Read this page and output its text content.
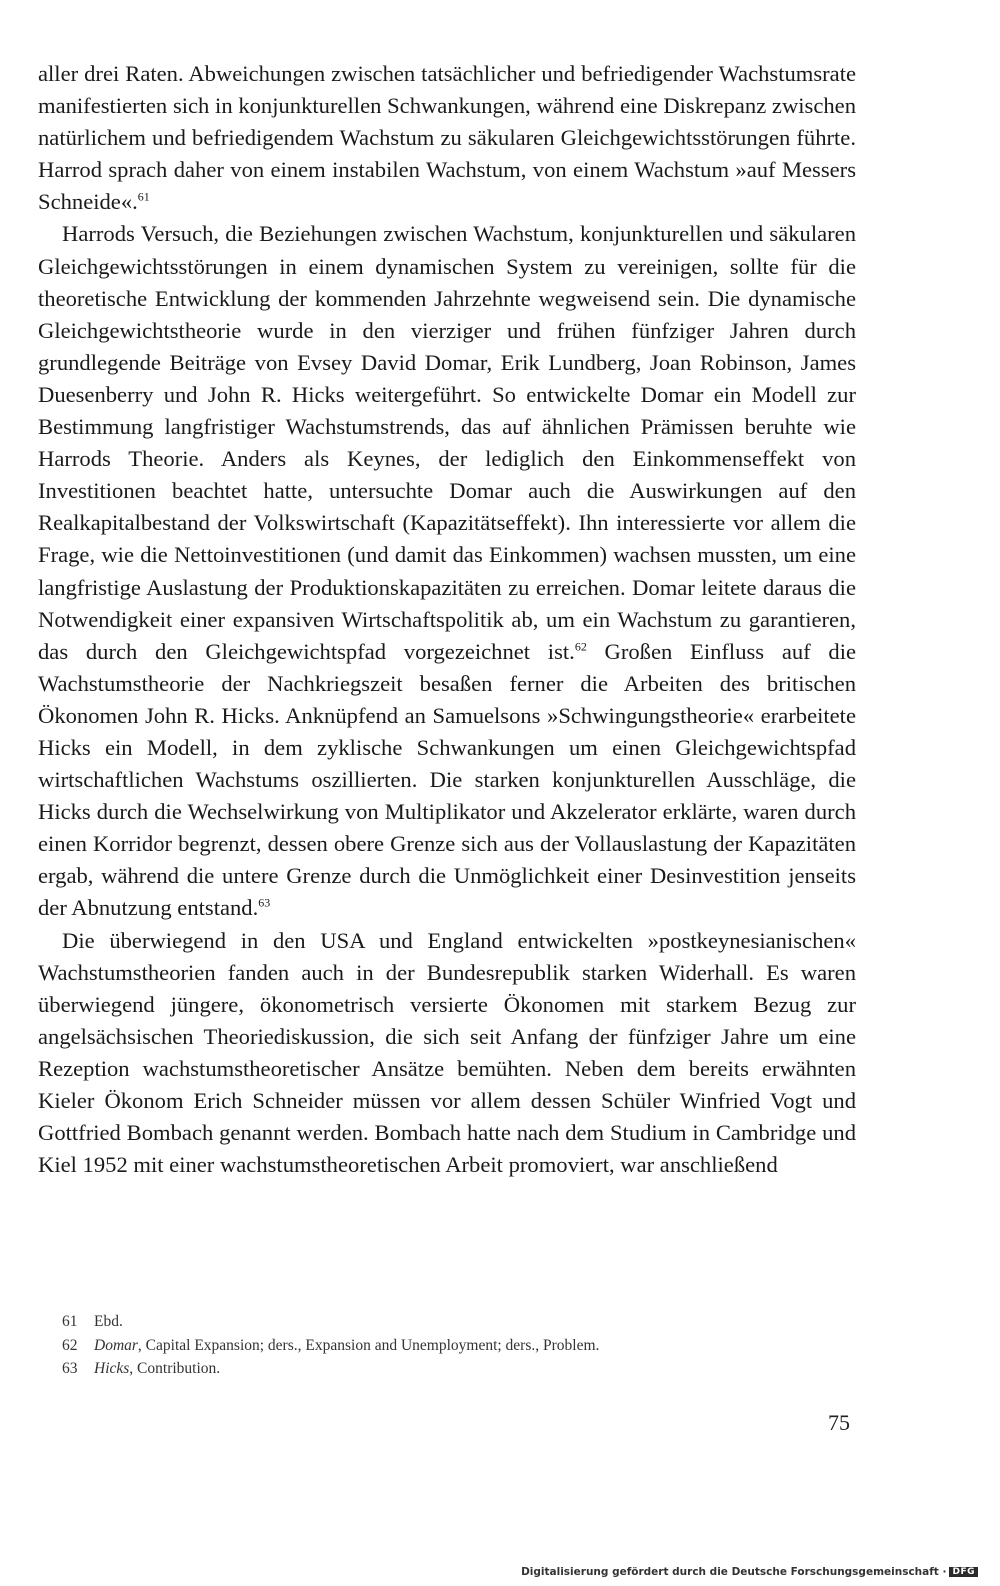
aller drei Raten. Abweichungen zwischen tatsächlicher und befriedigender Wachstumsrate manifestierten sich in konjunkturellen Schwankungen, während eine Diskrepanz zwischen natürlichem und befriedigendem Wachstum zu säkularen Gleichgewichtsstörungen führte. Harrod sprach daher von einem instabilen Wachstum, von einem Wachstum »auf Messers Schneide«.$^{61}$

Harrods Versuch, die Beziehungen zwischen Wachstum, konjunkturellen und säkularen Gleichgewichtsstörungen in einem dynamischen System zu vereinigen, sollte für die theoretische Entwicklung der kommenden Jahrzehnte wegweisend sein. Die dynamische Gleichgewichtstheorie wurde in den vierziger und frühen fünfziger Jahren durch grundlegende Beiträge von Evsey David Domar, Erik Lundberg, Joan Robinson, James Duesenberry und John R. Hicks weitergeführt. So entwickelte Domar ein Modell zur Bestimmung langfristiger Wachstumstrends, das auf ähnlichen Prämissen beruhte wie Harrods Theorie. Anders als Keynes, der lediglich den Einkommenseffekt von Investitionen beachtet hatte, untersuchte Domar auch die Auswirkungen auf den Realkapitalbestand der Volkswirtschaft (Kapazitätseffekt). Ihn interessierte vor allem die Frage, wie die Nettoinvestitionen (und damit das Einkommen) wachsen mussten, um eine langfristige Auslastung der Produktionskapazitäten zu erreichen. Domar leitete daraus die Notwendigkeit einer expansiven Wirtschaftspolitik ab, um ein Wachstum zu garantieren, das durch den Gleichgewichtspfad vorgezeichnet ist.$^{62}$ Großen Einfluss auf die Wachstumstheorie der Nachkriegszeit besaßen ferner die Arbeiten des britischen Ökonomen John R. Hicks. Anknüpfend an Samuelsons »Schwingungstheorie« erarbeitete Hicks ein Modell, in dem zyklische Schwankungen um einen Gleichgewichtspfad wirtschaftlichen Wachstums oszillierten. Die starken konjunkturellen Ausschläge, die Hicks durch die Wechselwirkung von Multiplikator und Akzelerator erklärte, waren durch einen Korridor begrenzt, dessen obere Grenze sich aus der Vollauslastung der Kapazitäten ergab, während die untere Grenze durch die Unmöglichkeit einer Desinvestition jenseits der Abnutzung entstand.$^{63}$

Die überwiegend in den USA und England entwickelten »postkeynesianischen« Wachstumstheorien fanden auch in der Bundesrepublik starken Widerhall. Es waren überwiegend jüngere, ökonometrisch versierte Ökonomen mit starkem Bezug zur angelsächsischen Theoriediskussion, die sich seit Anfang der fünfziger Jahre um eine Rezeption wachstumstheoretischer Ansätze bemühten. Neben dem bereits erwähnten Kieler Ökonom Erich Schneider müssen vor allem dessen Schüler Winfried Vogt und Gottfried Bombach genannt werden. Bombach hatte nach dem Studium in Cambridge und Kiel 1952 mit einer wachstumstheoretischen Arbeit promoviert, war anschließend

61	Ebd.
62	Domar, Capital Expansion; ders., Expansion and Unemployment; ders., Problem.
63	Hicks, Contribution.
75
Digitalisierung gefördert durch die Deutsche Forschungsgemeinschaft · DFG
